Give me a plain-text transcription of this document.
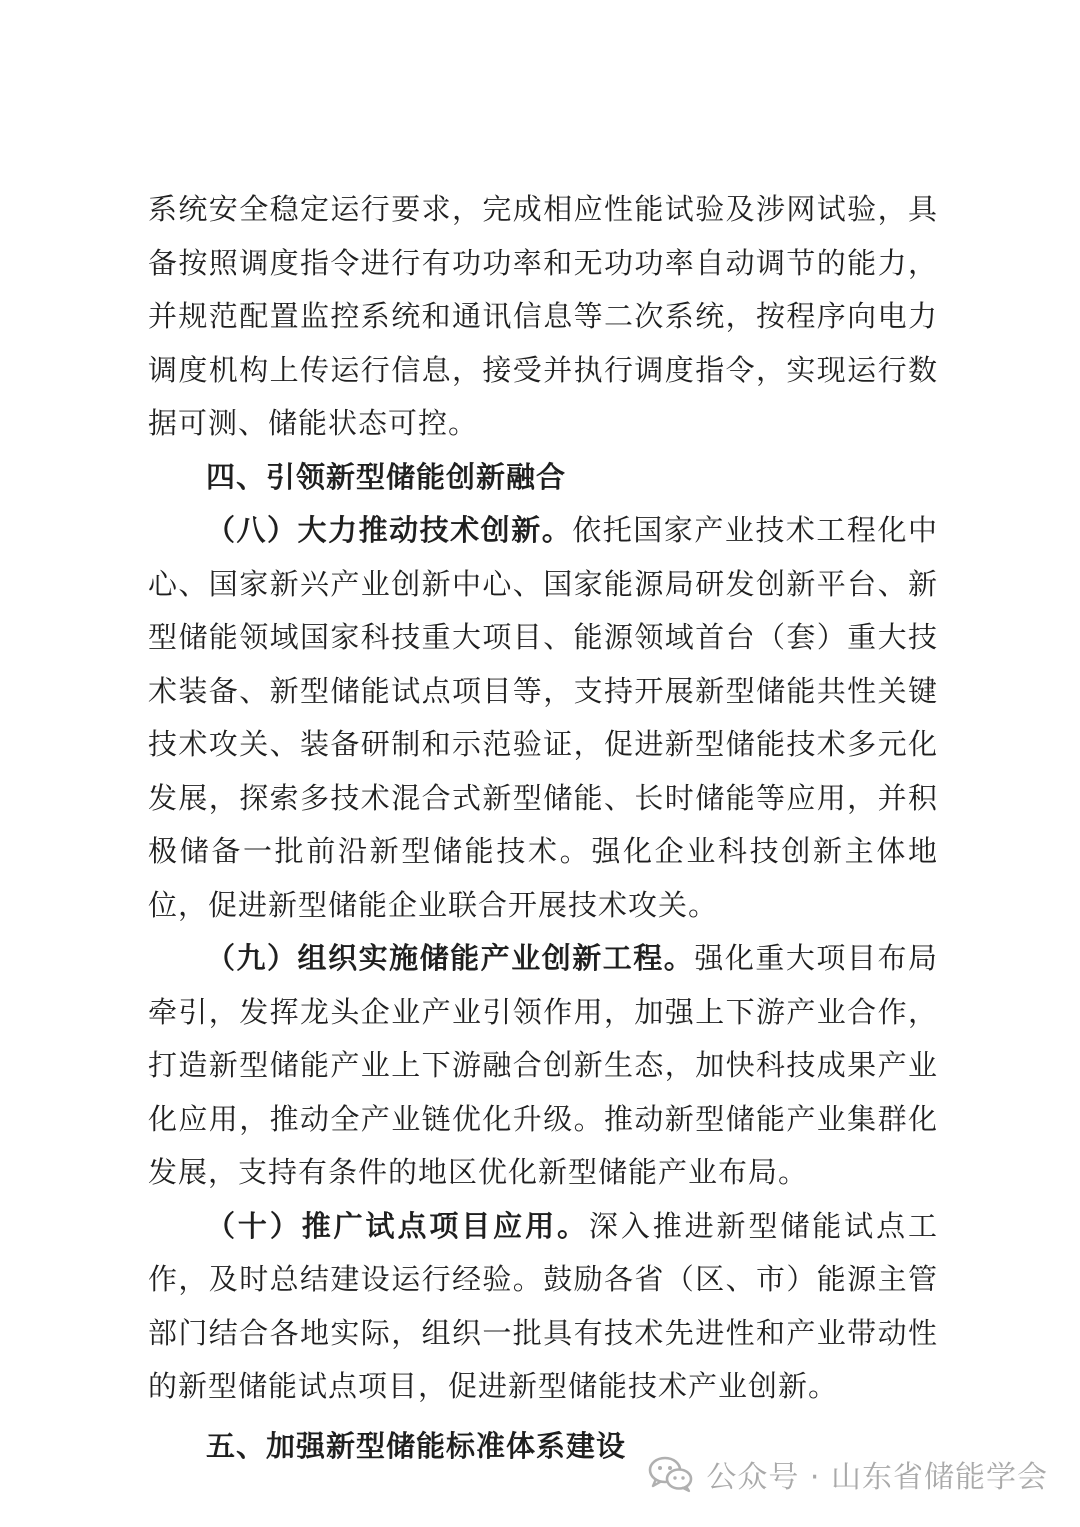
系统安全稳定运行要求，完成相应性能试验及涉网试验，具备按照调度指令进行有功功率和无功功率自动调节的能力，并规范配置监控系统和通讯信息等二次系统，按程序向电力调度机构上传运行信息，接受并执行调度指令，实现运行数据可测、储能状态可控。

四、引领新型储能创新融合

（八）大力推动技术创新。依托国家产业技术工程化中心、国家新兴产业创新中心、国家能源局研发创新平台、新型储能领域国家科技重大项目、能源领域首台（套）重大技术装备、新型储能试点项目等，支持开展新型储能共性关键技术攻关、装备研制和示范验证，促进新型储能技术多元化发展，探索多技术混合式新型储能、长时储能等应用，并积极储备一批前沿新型储能技术。强化企业科技创新主体地位，促进新型储能企业联合开展技术攻关。

（九）组织实施储能产业创新工程。强化重大项目布局牵引，发挥龙头企业产业引领作用，加强上下游产业合作，打造新型储能产业上下游融合创新生态，加快科技成果产业化应用，推动全产业链优化升级。推动新型储能产业集群化发展，支持有条件的地区优化新型储能产业布局。

（十）推广试点项目应用。深入推进新型储能试点工作，及时总结建设运行经验。鼓励各省（区、市）能源主管部门结合各地实际，组织一批具有技术先进性和产业带动性的新型储能试点项目，促进新型储能技术产业创新。

五、加强新型储能标准体系建设

公众号 · 山东省储能学会
